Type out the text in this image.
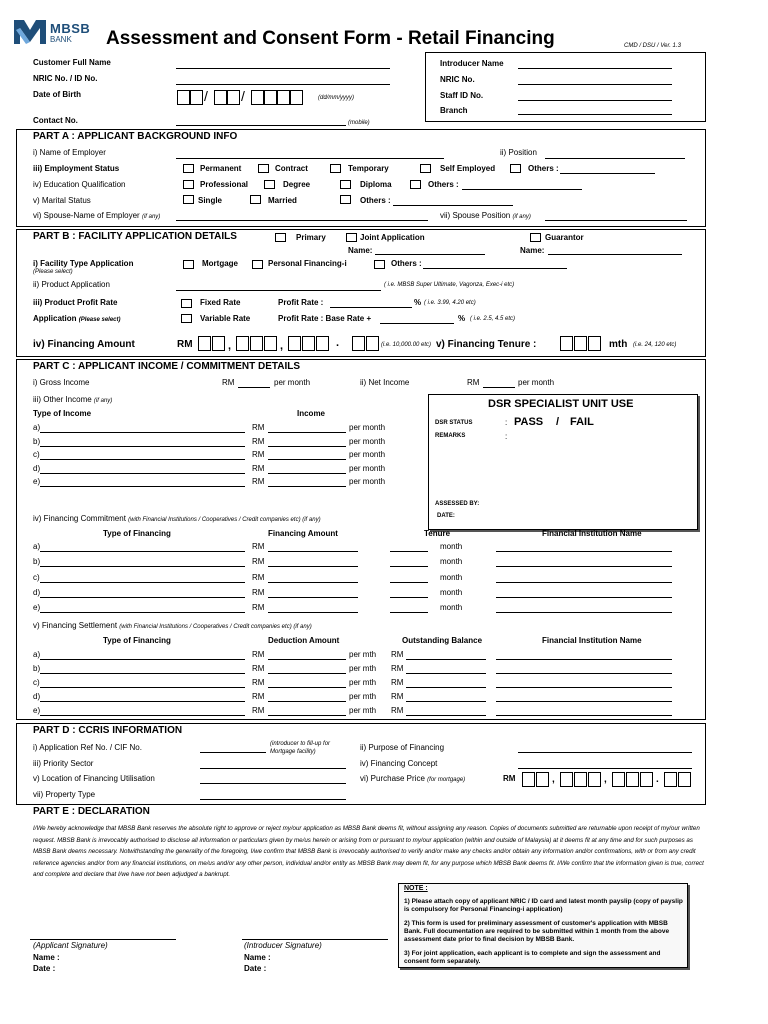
MBSB
BANK Assessment and Consent Form - Retail Financing	CMD / DSU / Ver. 1.3
Customer Full Name
NRIC No. / ID No.
Date of Birth	/ /	(dd/mm/yyyy)
Contact No.	(mobile)
Introducer Name
NRIC No.
Staff ID No.
Branch
PART A : APPLICANT BACKGROUND INFO
i) Name of Employer	ii) Position
iii) Employment Status	Permanent	Contract	Temporary	Self Employed	Others :
iv) Education Qualification	Professional	Degree	Diploma	Others :
v) Marital Status	Single	Married	Others :
vi) Spouse-Name of Employer (if any)	vii) Spouse Position (if any)
PART B : FACILITY APPLICATION DETAILS	Primary	Joint Application	Guarantor
Name:	Name:
i) Facility Type Application
(Please select)
Mortgage	Personal Financing-i	Others :
ii) Product Application	( i.e. MBSB Super Ultimate, Vagonza, Exec-i etc)
iii) Product Profit Rate	Fixed Rate	Profit Rate :	% ( i.e. 3.99, 4.20 etc)
Application (Please select)	Variable Rate	Profit Rate : Base Rate +	% ( i.e. 2.5, 4.5 etc)
iv) Financing Amount	RM	,	,	.	(i.e. 10,000.00 etc) v) Financing Tenure :	mth (i.e. 24, 120 etc)
PART C : APPLICANT INCOME / COMMITMENT DETAILS
i) Gross Income	RM	per month	ii) Net Income	RM	per month
iii) Other Income (if any)
Type of Income	Income
a)	RM	per month
b)	RM	per month
c)	RM	per month
d)	RM	per month
e)	RM	per month
DSR SPECIALIST UNIT USE
DSR STATUS	: PASS / FAIL
REMARKS	:
ASSESSED BY:
DATE:
iv) Financing Commitment (with Financial Institutions / Cooperatives / Credit companies etc) (if any)
Type of Financing	Financing Amount	Tenure	Financial Institution Name
a)	RM	month
b)	RM	month
c)	RM	month
d)	RM	month
e)	RM	month
v) Financing Settlement (with Financial Institutions / Cooperatives / Credit companies etc) (if any)
Type of Financing	Deduction Amount	Outstanding Balance	Financial Institution Name
a)	RM	per mth RM
b)	RM	per mth RM
c)	RM	per mth RM
d)	RM	per mth RM
e)	RM	per mth RM
PART D : CCRIS INFORMATION
i) Application Ref No. / CIF No.	(introducer to fill-up for Mortgage facility)	ii) Purpose of Financing
iii) Priority Sector	iv) Financing Concept
v) Location of Financing Utilisation	vi) Purchase Price (for mortgage)	RM	,	,	.
vii) Property Type
PART E : DECLARATION
I/We hereby acknowledge that MBSB Bank reserves the absolute right to approve or reject my/our application as MBSB Bank deems fit, without assigning any reason. Copies of documents submitted are returnable upon receipt of my/our written request. MBSB Bank is irrevocably authorised to disclose all information or particulars given by me/us herein or arising from or pursuant to my/our application (within and outside of Malaysia) at it deems fit at any time and for such purposes as MBSB Bank deems necessary. Notwithstanding the generality of the foregoing, I/we confirm that MBSB Bank is irrevocably authorised to verify and/or make any checks and/or obtain any information and/or confirmations, with or from any credit reference agencies and/or from any financial institutions, on me/us and/or any other person, individual and/or entity as MBSB Bank may deem fit, for any purpose which MBSB Bank deems fit. I/We confirm that the information given is true, correct and complete and declare that I/we have not been adjudged a bankrupt.
NOTE :
1) Please attach copy of applicant NRIC / ID card and latest month payslip (copy of payslip is compulsory for Personal Financing-i application)
2) This form is used for preliminary assessment of customer's application with MBSB Bank. Full documentation are required to be submitted within 1 month from the above assessment date prior to final decision by MBSB Bank.
3) For joint application, each applicant is to complete and sign the assessment and consent form separately.
(Applicant Signature)
Name :
Date :
(Introducer Signature)
Name :
Date :
